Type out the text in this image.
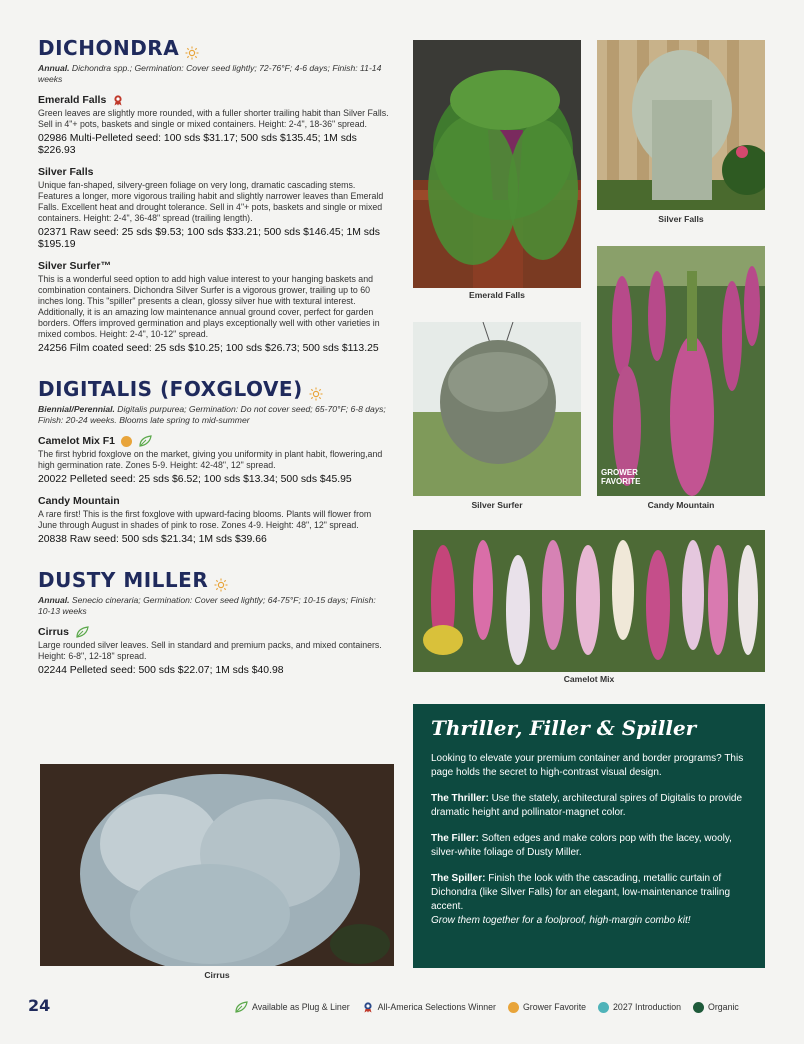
DICHONDRA
Annual. Dichondra spp.; Germination: Cover seed lightly; 72-76°F; 4-6 days; Finish: 11-14 weeks
Emerald Falls
Green leaves are slightly more rounded, with a fuller shorter trailing habit than Silver Falls. Sell in 4"+ pots, baskets and single or mixed containers. Height: 2-4", 18-36" spread.
02986 Multi-Pelleted seed: 100 sds $31.17; 500 sds $135.45; 1M sds $226.93
Silver Falls
Unique fan-shaped, silvery-green foliage on very long, dramatic cascading stems. Features a longer, more vigorous trailing habit and slightly narrower leaves than Emerald Falls. Excellent heat and drought tolerance. Sell in 4"+ pots, baskets and single or mixed containers. Height: 2-4", 36-48" spread (trailing length).
02371 Raw seed: 25 sds $9.53; 100 sds $33.21; 500 sds $146.45; 1M sds $195.19
Silver Surfer™
This is a wonderful seed option to add high value interest to your hanging baskets and combination containers. Dichondra Silver Surfer is a vigorous grower, trailing up to 60 inches long. This "spiller" presents a clean, glossy silver hue with textural interest. Additionally, it is an amazing low maintenance annual ground cover, perfect for garden borders. Offers improved germination and plays exceptionally well with other varieties in mixed combos. Height: 2-4", 10-12" spread.
24256 Film coated seed: 25 sds $10.25; 100 sds $26.73; 500 sds $113.25
DIGITALIS (FOXGLOVE)
Biennial/Perennial. Digitalis purpurea; Germination: Do not cover seed; 65-70°F; 6-8 days; Finish: 20-24 weeks. Blooms late spring to mid-summer
Camelot Mix F1
The first hybrid foxglove on the market, giving you uniformity in plant habit, flowering,and high germination rate. Zones 5-9. Height: 42-48", 12" spread.
20022 Pelleted seed: 25 sds $6.52; 100 sds $13.34; 500 sds $45.95
Candy Mountain
A rare first! This is the first foxglove with upward-facing blooms. Plants will flower from June through August in shades of pink to rose. Zones 4-9. Height: 48", 12" spread.
20838 Raw seed: 500 sds $21.34; 1M sds $39.66
DUSTY MILLER
Annual. Senecio cineraria; Germination: Cover seed lightly; 64-75°F; 10-15 days; Finish: 10-13 weeks
Cirrus
Large rounded silver leaves. Sell in standard and premium packs, and mixed containers. Height: 6-8", 12-18" spread.
02244 Pelleted seed: 500 sds $22.07; 1M sds $40.98
Emerald Falls
Silver Falls
Silver Surfer
GROWER FAVORITE
Candy Mountain
Camelot Mix
Cirrus
Thriller, Filler & Spiller

Looking to elevate your premium container and border programs? This page holds the secret to high-contrast visual design.

The Thriller: Use the stately, architectural spires of Digitalis to provide dramatic height and pollinator-magnet color.

The Filler: Soften edges and make colors pop with the lacey, wooly, silver-white foliage of Dusty Miller.

The Spiller: Finish the look with the cascading, metallic curtain of Dichondra (like Silver Falls) for an elegant, low-maintenance trailing accent.

Grow them together for a foolproof, high-margin combo kit!

24	Available as Plug & Liner	All-America Selections Winner	Grower Favorite	2027 Introduction	Organic
